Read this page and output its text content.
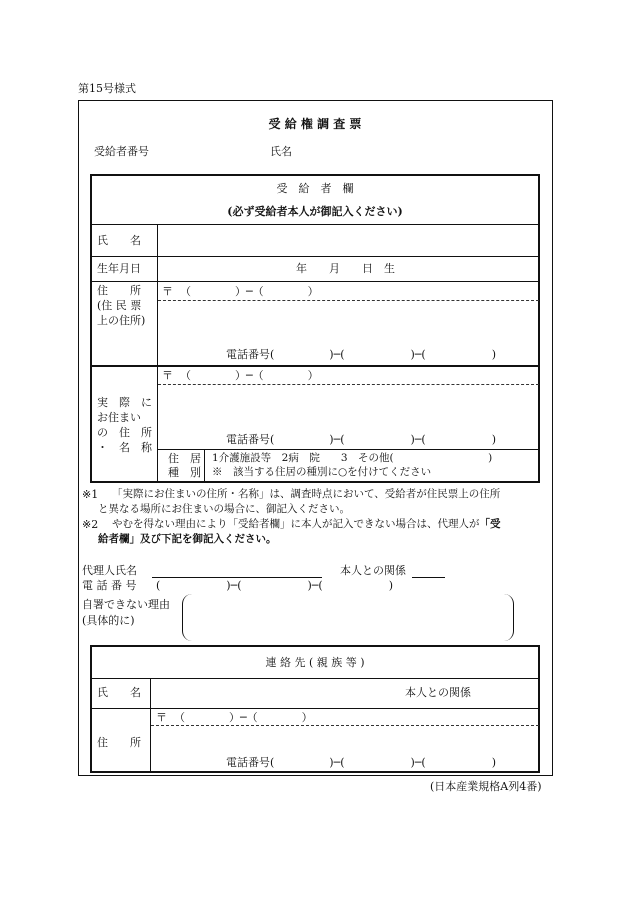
第15号様式
受 給 権 調 査 票
受給者番号	氏名
受　給　者　欄
(必ず受給者本人が御記入ください)
氏　　名
生年月日	年　　月　　日　生
住　　所
(住 民 票
上の住所)
〒 （　　　　）─（　　　　）
電話番号(　　　　　)─(　　　　　　)─(　　　　　　)
実　際　に
お住まい
の　住　所
・　名　称
〒 （　　　　）─（　　　　）
電話番号(　　　　　)─(　　　　　　)─(　　　　　　)
住　居
種　別
1介護施設等　2病　院　　3　その他(　　　　　　　　　)
※　該当する住居の種別に○を付けてください
※1 「実際にお住まいの住所・名称」は、調査時点において、受給者が住民票上の住所
と異なる場所にお住まいの場合に、御記入ください。
※2 やむを得ない理由により「受給者欄」に本人が記入できない場合は、代理人が「受
給者欄」及び下記を御記入ください。
代理人氏名	本人との関係
電 話 番 号 (　　　　　　)─(　　　　　　)─(　　　　　　)
自署できない理由
(具体的に)
連 絡 先 ( 親 族 等 )
氏　　名	本人との関係
住　　所
〒 （　　　　）─（　　　　）
電話番号(　　　　　)─(　　　　　　)─(　　　　　　)
(日本産業規格A列4番)
